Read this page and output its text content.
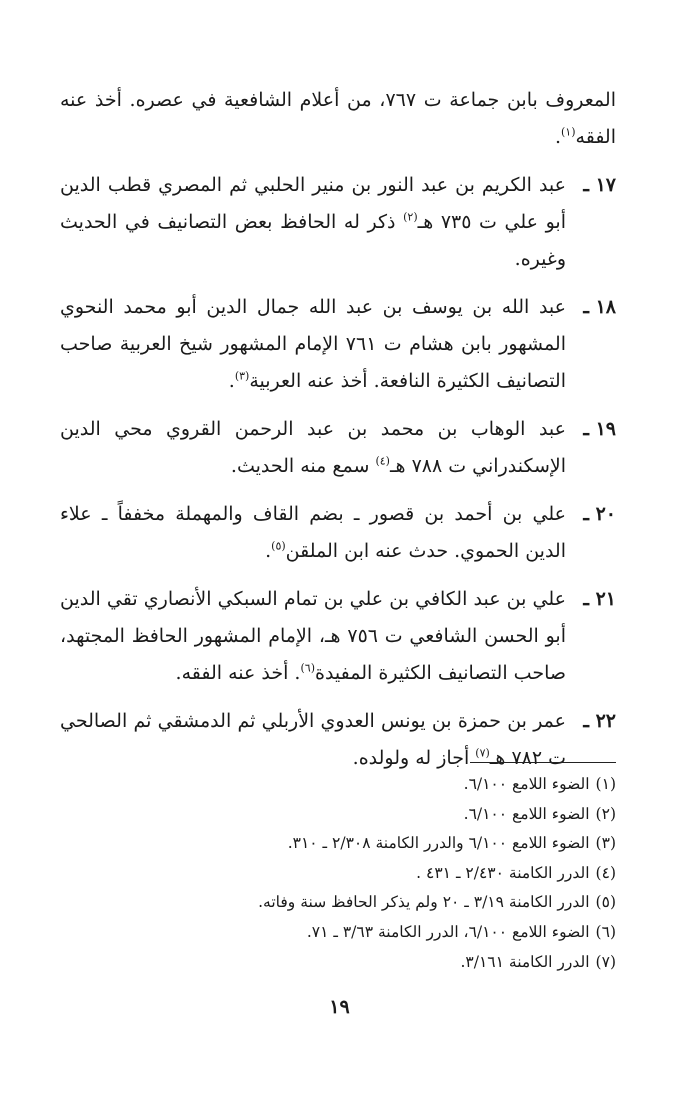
المعروف بابن جماعة ت ٧٦٧، من أعلام الشافعية في عصره. أخذ عنه الفقه$^{(١)}$.
١٧ ـعبد الكريم بن عبد النور بن منير الحلبي ثم المصري قطب الدين أبو علي ت ٧٣٥ هـ$^{(٢)}$ ذكر له الحافظ بعض التصانيف في الحديث وغيره.
١٨ ـعبد الله بن يوسف بن عبد الله جمال الدين أبو محمد النحوي المشهور بابن هشام ت ٧٦١ الإمام المشهور شيخ العربية صاحب التصانيف الكثيرة النافعة. أخذ عنه العربية$^{(٣)}$.
١٩ ـعبد الوهاب بن محمد بن عبد الرحمن القروي محي الدين الإسكندراني ت ٧٨٨ هـ$^{(٤)}$ سمع منه الحديث.
٢٠ ـعلي بن أحمد بن قصور ـ بضم القاف والمهملة مخففاً ـ علاء الدين الحموي. حدث عنه ابن الملقن$^{(٥)}$.
٢١ ـعلي بن عبد الكافي بن علي بن تمام السبكي الأنصاري تقي الدين أبو الحسن الشافعي ت ٧٥٦ هـ، الإمام المشهور الحافظ المجتهد، صاحب التصانيف الكثيرة المفيدة$^{(٦)}$. أخذ عنه الفقه.
٢٢ ـعمر بن حمزة بن يونس العدوي الأربلي ثم الدمشقي ثم الصالحي ت ٧٨٢ هـ$^{(٧)}$ أجاز له ولولده.
(١)الضوء اللامع ٦/١٠٠.
(٢)الضوء اللامع ٦/١٠٠.
(٣)الضوء اللامع ٦/١٠٠ والدرر الكامنة ٢/٣٠٨ ـ ٣١٠.
(٤)الدرر الكامنة ٢/٤٣٠ ـ ٤٣١ .
(٥)الدرر الكامنة ٣/١٩ ـ ٢٠ ولم يذكر الحافظ سنة وفاته.
(٦)الضوء اللامع ٦/١٠٠، الدرر الكامنة ٣/٦٣ ـ ٧١.
(٧)الدرر الكامنة ٣/١٦١.
١٩
